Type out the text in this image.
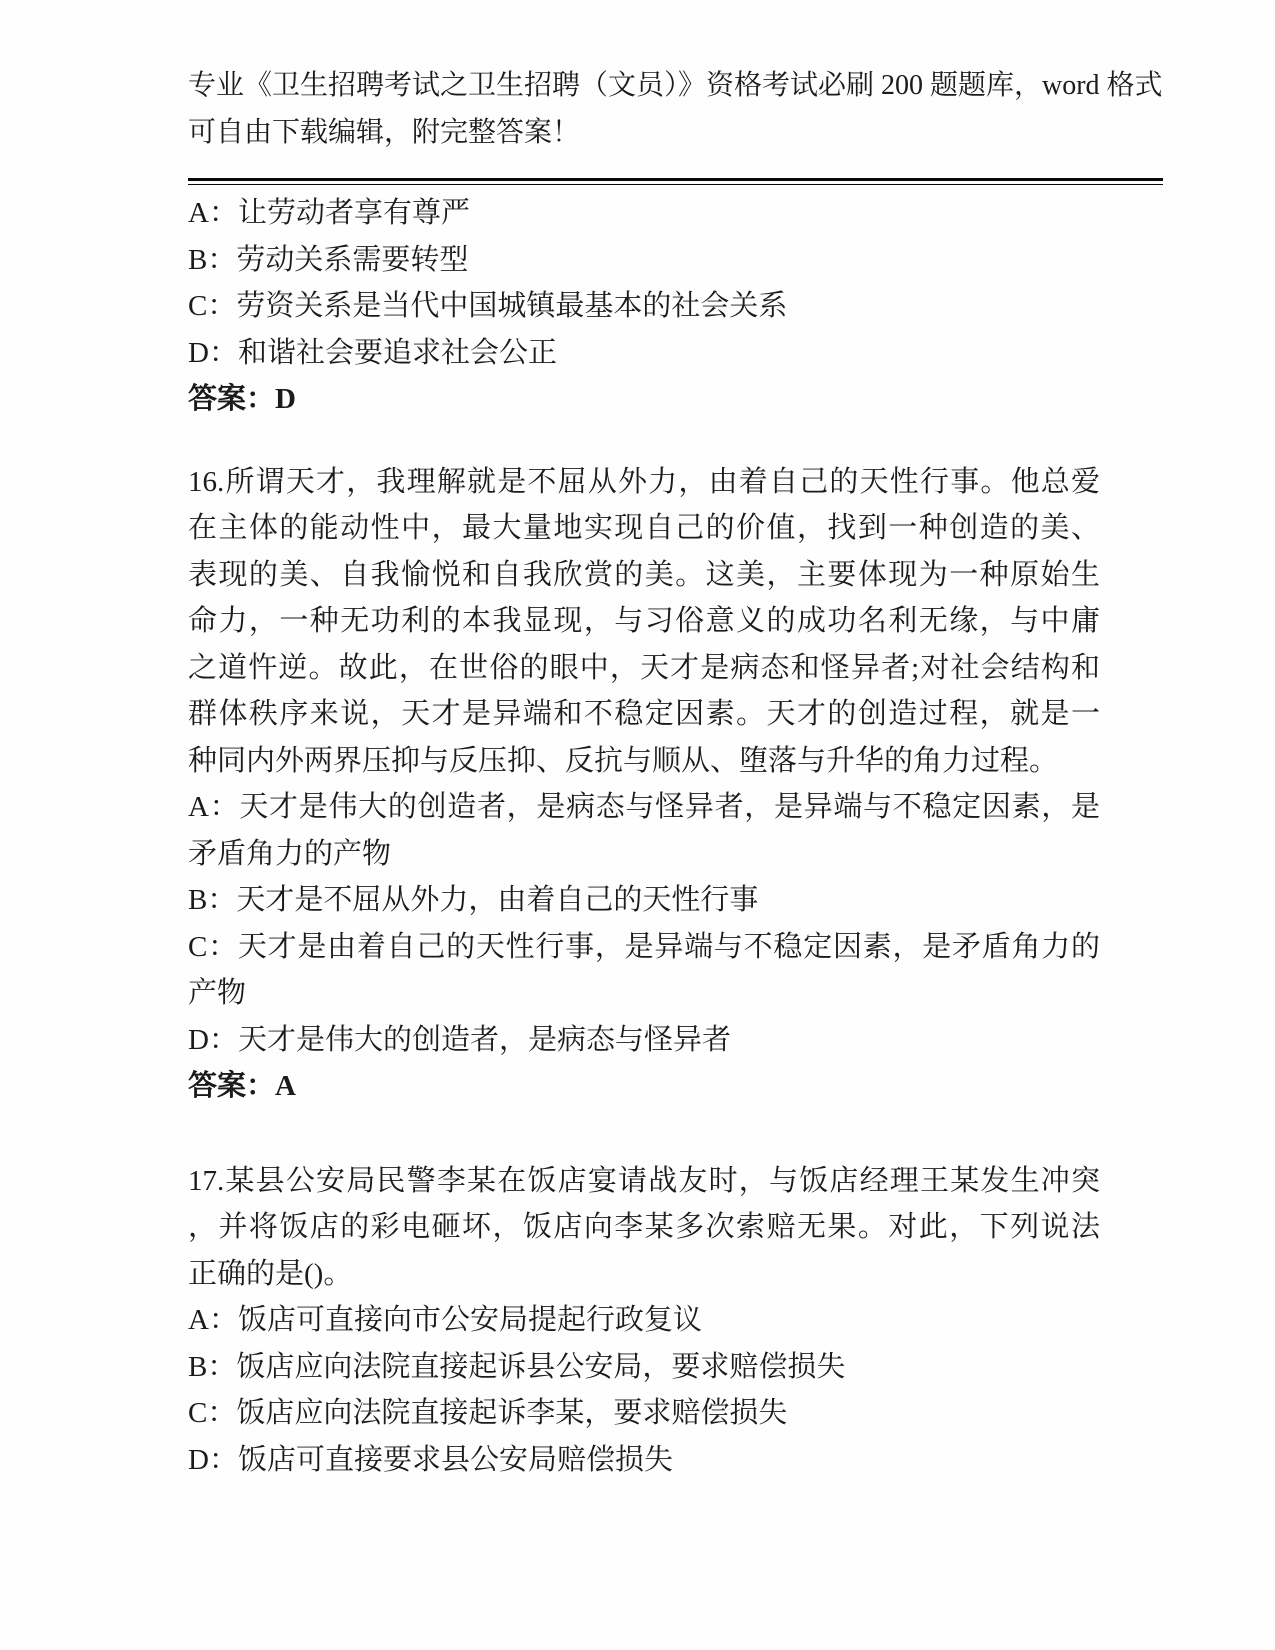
专业《卫生招聘考试之卫生招聘（文员）》资格考试必刷 200 题题库，word 格式
可自由下载编辑，附完整答案！
A：让劳动者享有尊严
B：劳动关系需要转型
C：劳资关系是当代中国城镇最基本的社会关系
D：和谐社会要追求社会公正
答案：D
16.所谓天才，我理解就是不屈从外力，由着自己的天性行事。他总爱
在主体的能动性中，最大量地实现自己的价值，找到一种创造的美、
表现的美、自我愉悦和自我欣赏的美。这美，主要体现为一种原始生
命力，一种无功利的本我显现，与习俗意义的成功名利无缘，与中庸
之道忤逆。故此，在世俗的眼中，天才是病态和怪异者;对社会结构和
群体秩序来说，天才是异端和不稳定因素。天才的创造过程，就是一
种同内外两界压抑与反压抑、反抗与顺从、堕落与升华的角力过程。
A：天才是伟大的创造者，是病态与怪异者，是异端与不稳定因素，是
矛盾角力的产物
B：天才是不屈从外力，由着自己的天性行事
C：天才是由着自己的天性行事，是异端与不稳定因素，是矛盾角力的
产物
D：天才是伟大的创造者，是病态与怪异者
答案：A
17.某县公安局民警李某在饭店宴请战友时，与饭店经理王某发生冲突
，并将饭店的彩电砸坏，饭店向李某多次索赔无果。对此，下列说法
正确的是()。
A：饭店可直接向市公安局提起行政复议
B：饭店应向法院直接起诉县公安局，要求赔偿损失
C：饭店应向法院直接起诉李某，要求赔偿损失
D：饭店可直接要求县公安局赔偿损失
